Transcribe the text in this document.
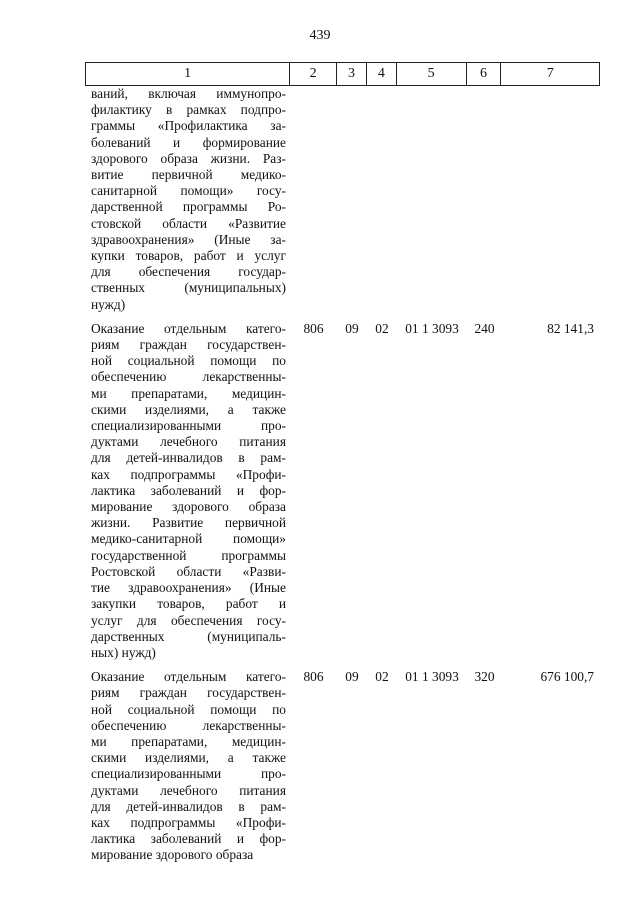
439
1	2	3	4	5	6	7
ваний, включая иммунопро-
филактику в рамках подпро-
граммы «Профилактика за-
болеваний и формирование
здорового образа жизни. Раз-
витие первичной медико-
санитарной помощи» госу-
дарственной программы Ро-
стовской области «Развитие
здравоохранения» (Иные за-
купки товаров, работ и услуг
для обеспечения государ-
ственных (муниципальных)
нужд)
Оказание отдельным катего-
риям граждан государствен-
ной социальной помощи по
обеспечению лекарственны-
ми препаратами, медицин-
скими изделиями, а также
специализированными про-
дуктами лечебного питания
для детей-инвалидов в рам-
ках подпрограммы «Профи-
лактика заболеваний и фор-
мирование здорового образа
жизни. Развитие первичной
медико-санитарной помощи»
государственной программы
Ростовской области «Разви-
тие здравоохранения» (Иные
закупки товаров, работ и
услуг для обеспечения госу-
дарственных (муниципаль-
ных) нужд)
806	09	02	01 1 3093	240	82 141,3
Оказание отдельным катего-
риям граждан государствен-
ной социальной помощи по
обеспечению лекарственны-
ми препаратами, медицин-
скими изделиями, а также
специализированными про-
дуктами лечебного питания
для детей-инвалидов в рам-
ках подпрограммы «Профи-
лактика заболеваний и фор-
мирование здорового образа
806	09	02	01 1 3093	320	676 100,7
